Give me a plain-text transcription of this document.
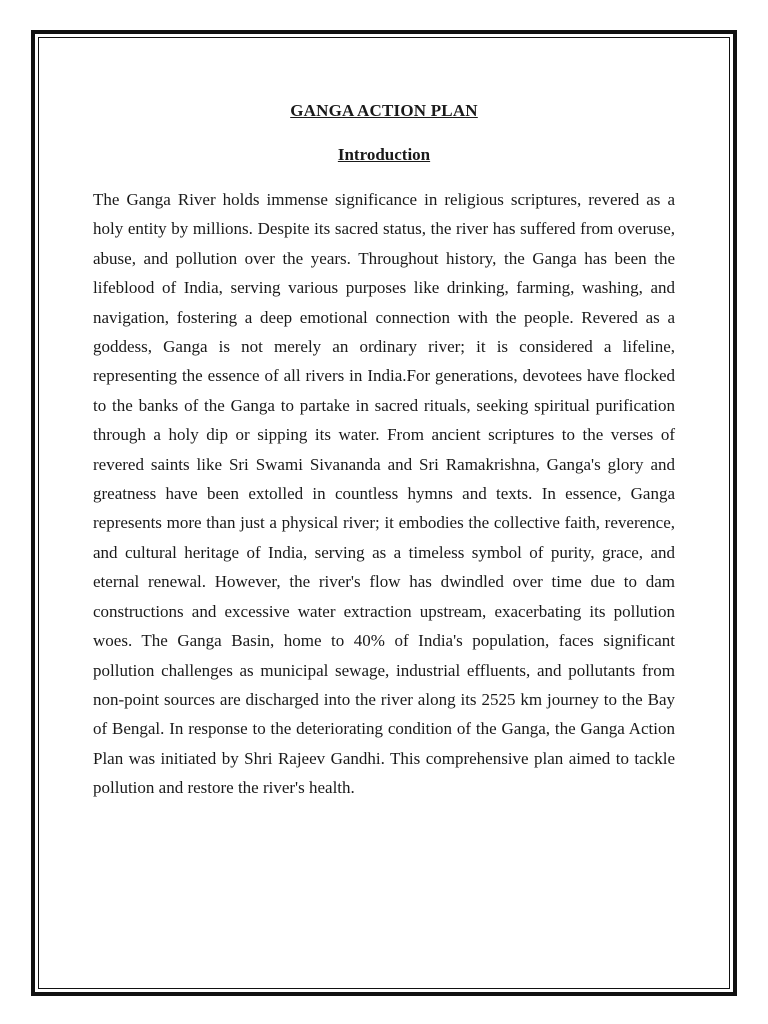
GANGA ACTION PLAN
Introduction

The Ganga River holds immense significance in religious scriptures, revered as a holy entity by millions. Despite its sacred status, the river has suffered from overuse, abuse, and pollution over the years. Throughout history, the Ganga has been the lifeblood of India, serving various purposes like drinking, farming, washing, and navigation, fostering a deep emotional connection with the people. Revered as a goddess, Ganga is not merely an ordinary river; it is considered a lifeline, representing the essence of all rivers in India.For generations, devotees have flocked to the banks of the Ganga to partake in sacred rituals, seeking spiritual purification through a holy dip or sipping its water. From ancient scriptures to the verses of revered saints like Sri Swami Sivananda and Sri Ramakrishna, Ganga's glory and greatness have been extolled in countless hymns and texts. In essence, Ganga represents more than just a physical river; it embodies the collective faith, reverence, and cultural heritage of India, serving as a timeless symbol of purity, grace, and eternal renewal. However, the river's flow has dwindled over time due to dam constructions and excessive water extraction upstream, exacerbating its pollution woes. The Ganga Basin, home to 40% of India's population, faces significant pollution challenges as municipal sewage, industrial effluents, and pollutants from non-point sources are discharged into the river along its 2525 km journey to the Bay of Bengal. In response to the deteriorating condition of the Ganga, the Ganga Action Plan was initiated by Shri Rajeev Gandhi. This comprehensive plan aimed to tackle pollution and restore the river's health.
